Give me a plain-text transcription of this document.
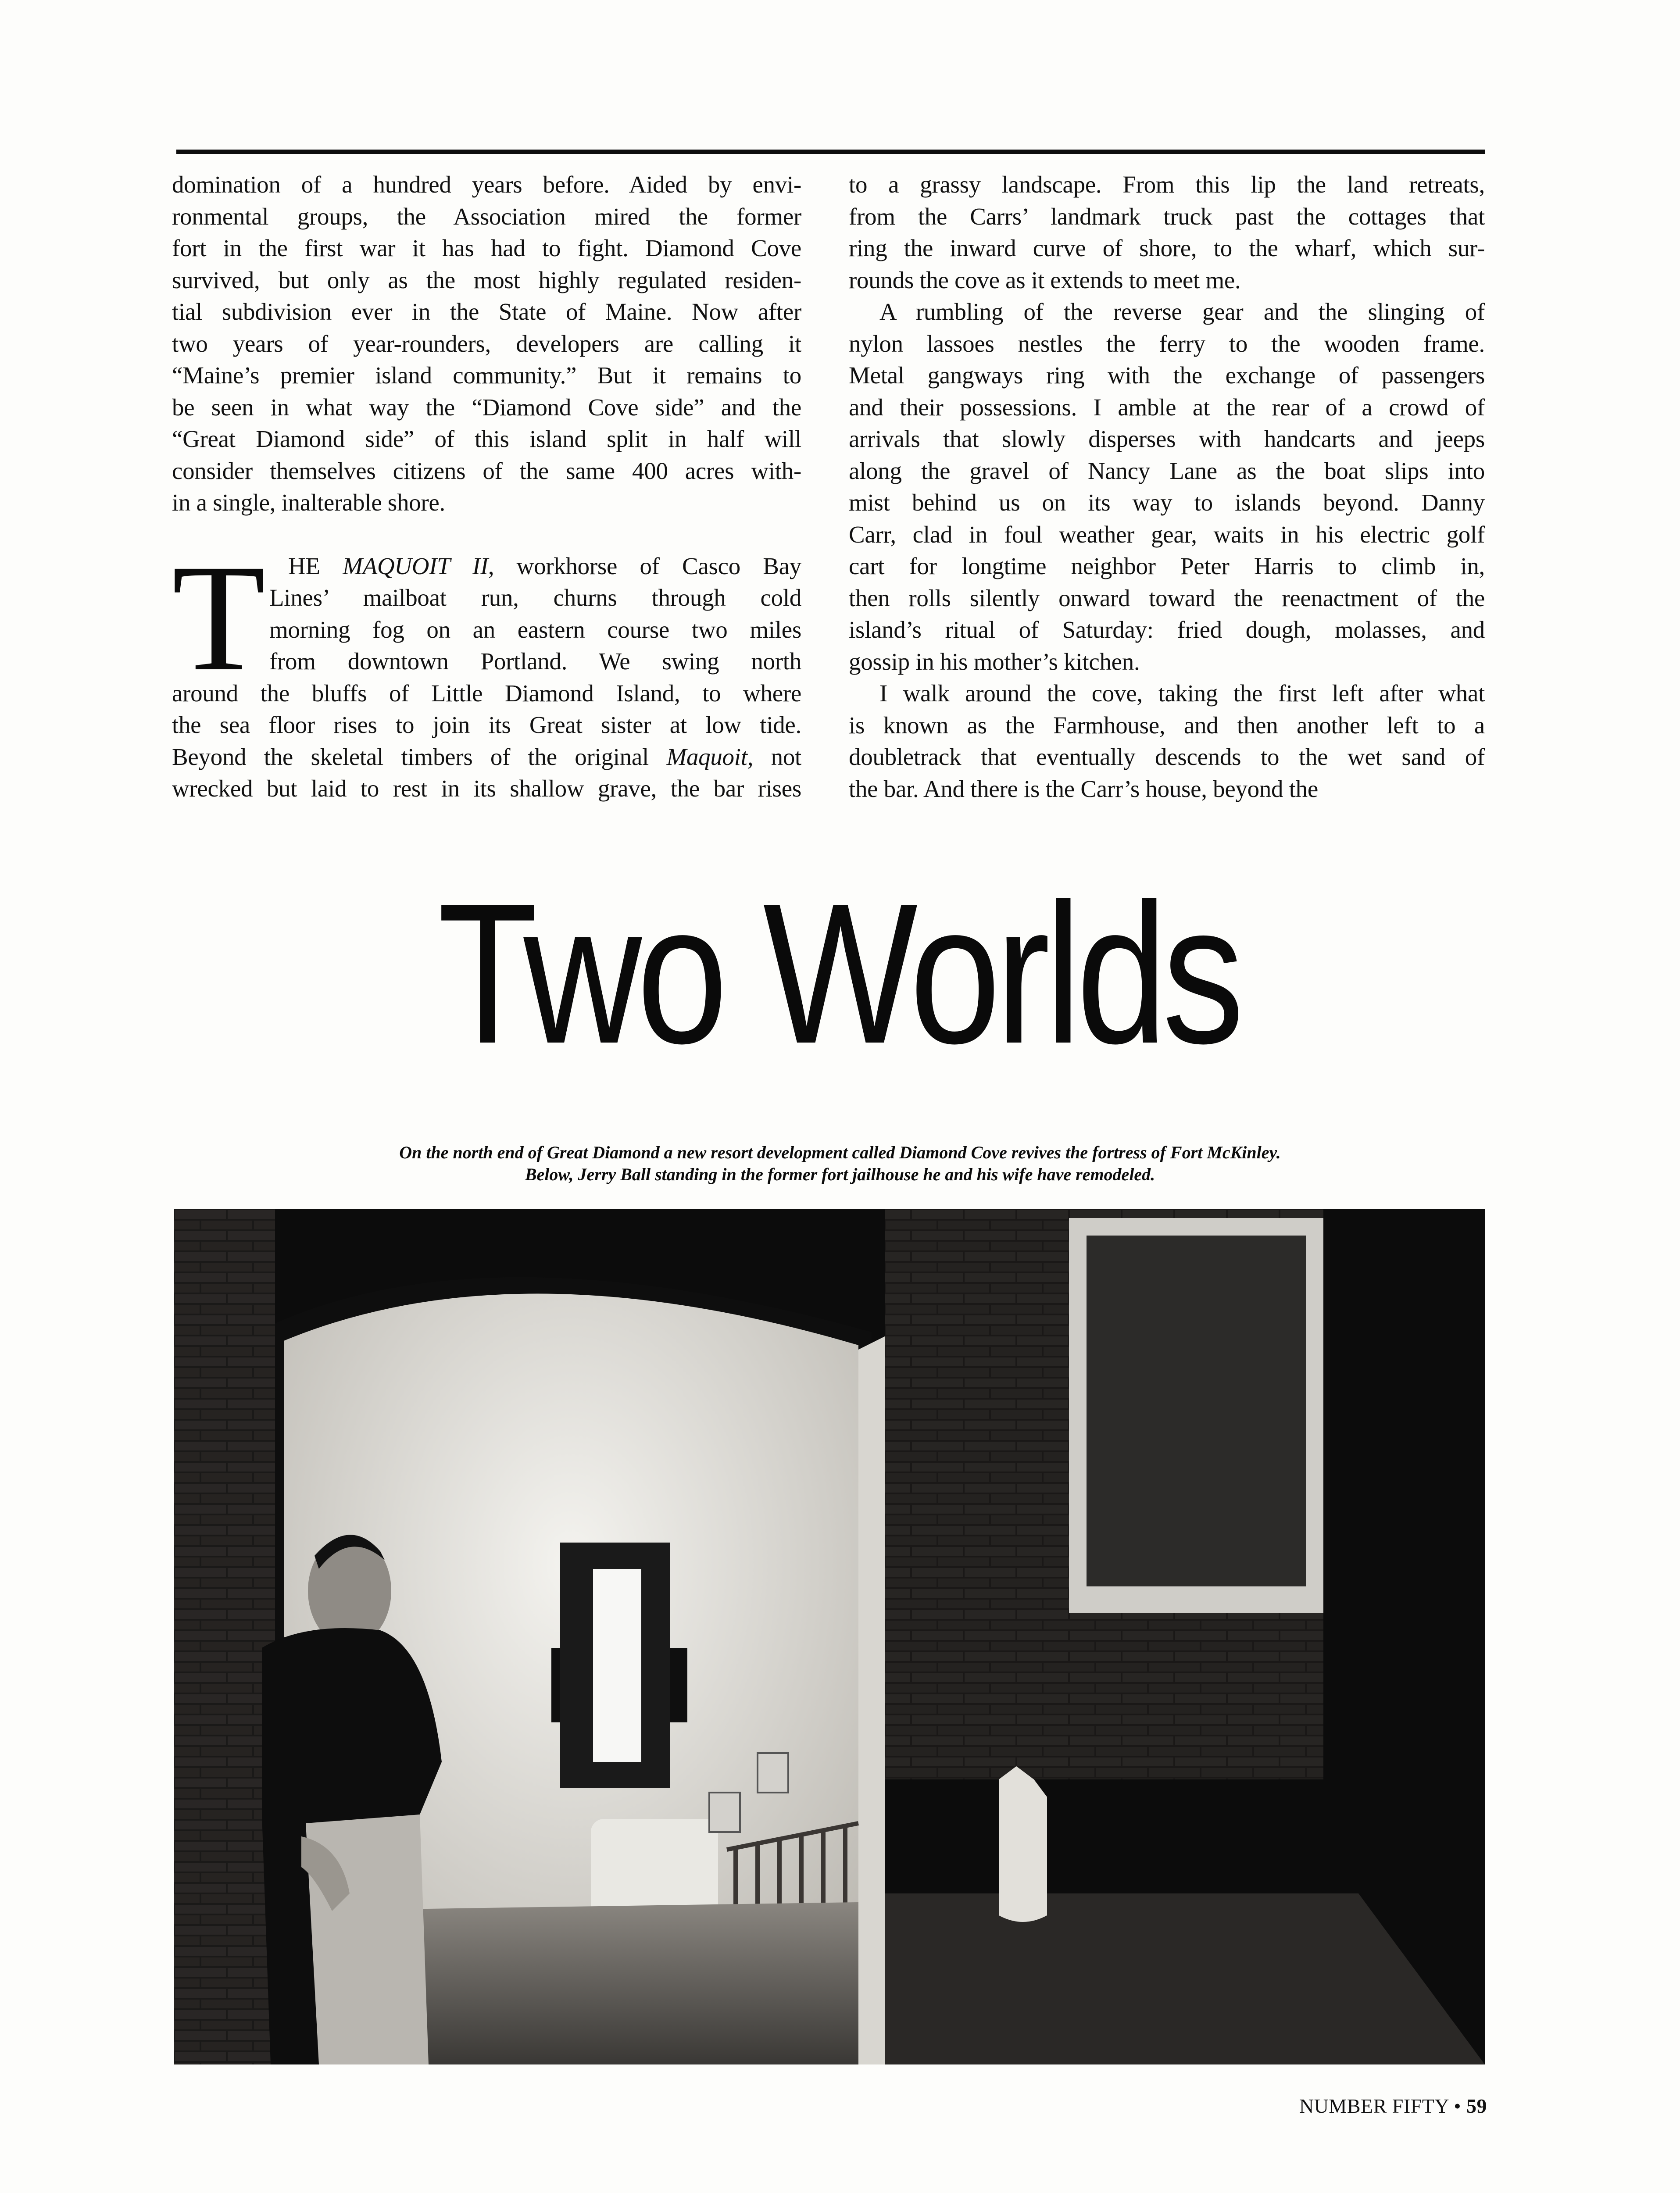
domination of a hundred years before. Aided by envi-
ronmental groups, the Association mired the former
fort in the first war it has had to fight. Diamond Cove
survived, but only as the most highly regulated residen-
tial subdivision ever in the State of Maine. Now after
two years of year-rounders, developers are calling it
“Maine’s premier island community.” But it remains to
be seen in what way the “Diamond Cove side” and the
“Great Diamond side” of this island split in half will
consider themselves citizens of the same 400 acres with-
in a single, inalterable shore.

T HE MAQUOIT II, workhorse of Casco Bay
Lines’ mailboat run, churns through cold
morning fog on an eastern course two miles
from downtown Portland. We swing north
around the bluffs of Little Diamond Island, to where
the sea floor rises to join its Great sister at low tide.
Beyond the skeletal timbers of the original Maquoit, not
wrecked but laid to rest in its shallow grave, the bar rises

to a grassy landscape. From this lip the land retreats,
from the Carrs’ landmark truck past the cottages that
ring the inward curve of shore, to the wharf, which sur-
rounds the cove as it extends to meet me.

A rumbling of the reverse gear and the slinging of
nylon lassoes nestles the ferry to the wooden frame.
Metal gangways ring with the exchange of passengers
and their possessions. I amble at the rear of a crowd of
arrivals that slowly disperses with handcarts and jeeps
along the gravel of Nancy Lane as the boat slips into
mist behind us on its way to islands beyond. Danny
Carr, clad in foul weather gear, waits in his electric golf
cart for longtime neighbor Peter Harris to climb in,
then rolls silently onward toward the reenactment of the
island’s ritual of Saturday: fried dough, molasses, and
gossip in his mother’s kitchen.

I walk around the cove, taking the first left after what
is known as the Farmhouse, and then another left to a
doubletrack that eventually descends to the wet sand of
the bar. And there is the Carr’s house, beyond the

Two Worlds
On the north end of Great Diamond a new resort development called Diamond Cove revives the fortress of Fort McKinley.
Below, Jerry Ball standing in the former fort jailhouse he and his wife have remodeled.
NUMBER FIFTY • 59
